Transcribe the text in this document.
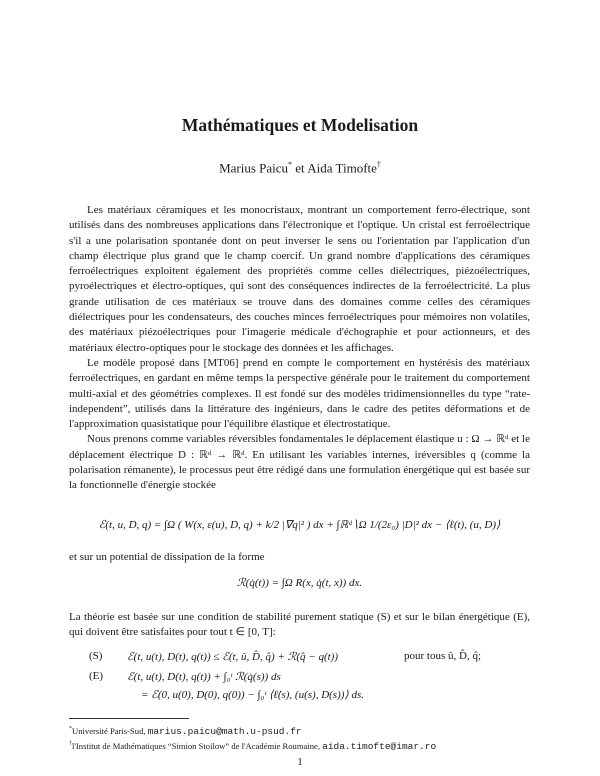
Mathématiques et Modelisation
Marius Paicu* et Aida Timofte†

Les matériaux céramiques et les monocristaux, montrant un comportement ferro-électrique, sont utilisés dans des nombreuses applications dans l'électronique et l'optique. Un cristal est ferroélectrique s'il a une polarisation spontanée dont on peut inverser le sens ou l'orientation par l'application d'un champ électrique plus grand que le champ coercif. Un grand nombre d'applications des céramiques ferroélectriques exploitent également des propriétés comme celles diélectriques, piézoélectriques, pyroélectriques et électro-optiques, qui sont des conséquences indirectes de la ferroélectricité. La plus grande utilisation de ces matériaux se trouve dans des domaines comme celles des céramiques diélectriques pour les condensateurs, des couches minces ferroélectriques pour mémoires non volatiles, des matériaux piézoélectriques pour l'imagerie médicale d'échographie et pour actionneurs, et des matériaux électro-optiques pour le stockage des données et les affichages.

Le modèle proposé dans [MT06] prend en compte le comportement en hystérésis des matériaux ferroélectriques, en gardant en même temps la perspective générale pour le traitement du comportement multi-axial et des géométries complexes. Il est fondé sur des modèles tridimensionnelles du type “rate-independent”, utilisés dans la littérature des ingénieurs, dans le cadre des petites déformations et de l'approximation quasistatique pour l'équilibre élastique et électrostatique.

Nous prenons comme variables réversibles fondamentales le déplacement élastique u : Ω → ℝᵈ et le déplacement électrique D : ℝᵈ → ℝᵈ. En utilisant les variables internes, iréversibles q (comme la polarisation rémanente), le processus peut être rédigé dans une formulation énergétique qui est basée sur la fonctionnelle d'énergie stockée

ℰ(t, u, D, q) = ∫Ω ( W(x, ε(u), D, q) + k/2 |∇q|² ) dx + ∫ℝᵈ∖Ω 1/(2ε₀) |D|² dx − ⟨ℓ(t), (u, D)⟩
et sur un potential de dissipation de la forme
ℛ(q̇(t)) = ∫Ω R(x, q̇(t, x)) dx.
La théorie est basée sur une condition de stabilité purement statique (S) et sur le bilan énergétique (E), qui doivent être satisfaites pour tout t ∈ [0, T]:
(S) ℰ(t, u(t), D(t), q(t)) ≤ ℰ(t, û, D̂, q̂) + ℛ(q̂ − q(t))	pour tous û, D̂, q̂;
(E) ℰ(t, u(t), D(t), q(t)) + ∫₀ᵗ ℛ(q̇(s)) ds
= ℰ(0, u(0), D(0), q(0)) − ∫₀ᵗ ⟨ℓ̇(s), (u(s), D(s))⟩ ds.
*Université Paris-Sud, marius.paicu@math.u-psud.fr
†l'Institut de Mathématiques “Simion Stoilow” de l'Académie Roumaine, aida.timofte@imar.ro
1
